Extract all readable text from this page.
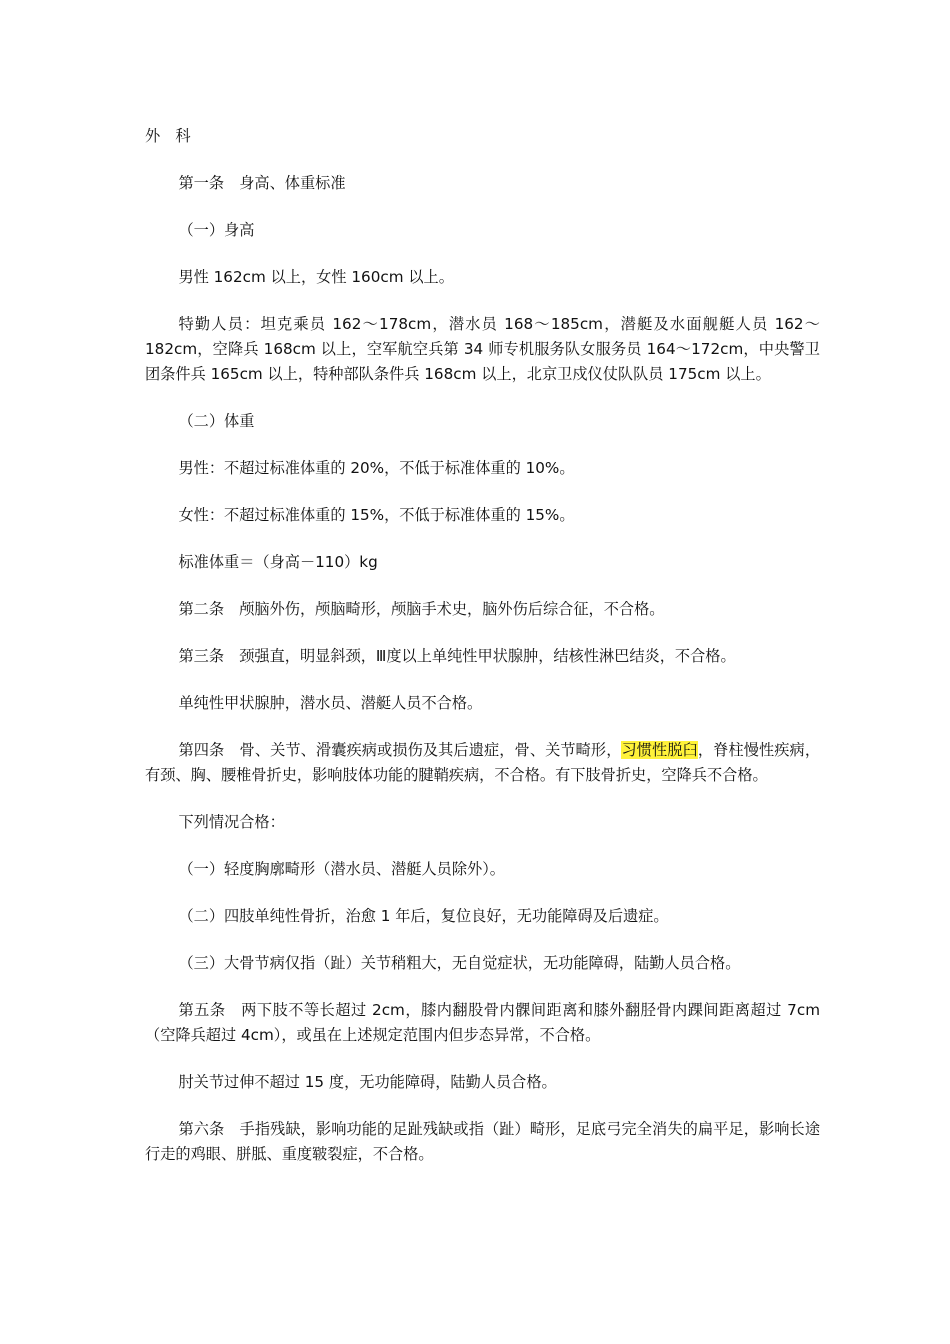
外　科

第一条　身高、体重标准

（一）身高

男性 162cm 以上，女性 160cm 以上。

特勤人员：坦克乘员 162～178cm，潜水员 168～185cm，潜艇及水面舰艇人员 162～182cm，空降兵 168cm 以上，空军航空兵第 34 师专机服务队女服务员 164～172cm，中央警卫团条件兵 165cm 以上，特种部队条件兵 168cm 以上，北京卫戍仪仗队队员 175cm 以上。

（二）体重

男性：不超过标准体重的 20%，不低于标准体重的 10%。

女性：不超过标准体重的 15%，不低于标准体重的 15%。

标准体重＝（身高－110）kg

第二条　颅脑外伤，颅脑畸形，颅脑手术史，脑外伤后综合征，不合格。

第三条　颈强直，明显斜颈，Ⅲ度以上单纯性甲状腺肿，结核性淋巴结炎，不合格。

单纯性甲状腺肿，潜水员、潜艇人员不合格。

第四条　骨、关节、滑囊疾病或损伤及其后遗症，骨、关节畸形，习惯性脱臼，脊柱慢性疾病，有颈、胸、腰椎骨折史，影响肢体功能的腱鞘疾病，不合格。有下肢骨折史，空降兵不合格。

下列情况合格：

（一）轻度胸廓畸形（潜水员、潜艇人员除外）。

（二）四肢单纯性骨折，治愈 1 年后，复位良好，无功能障碍及后遗症。

（三）大骨节病仅指（趾）关节稍粗大，无自觉症状，无功能障碍，陆勤人员合格。

第五条　两下肢不等长超过 2cm，膝内翻股骨内髁间距离和膝外翻胫骨内踝间距离超过 7cm（空降兵超过 4cm），或虽在上述规定范围内但步态异常，不合格。

肘关节过伸不超过 15 度，无功能障碍，陆勤人员合格。

第六条　手指残缺，影响功能的足趾残缺或指（趾）畸形，足底弓完全消失的扁平足，影响长途行走的鸡眼、胼胝、重度皲裂症，不合格。
